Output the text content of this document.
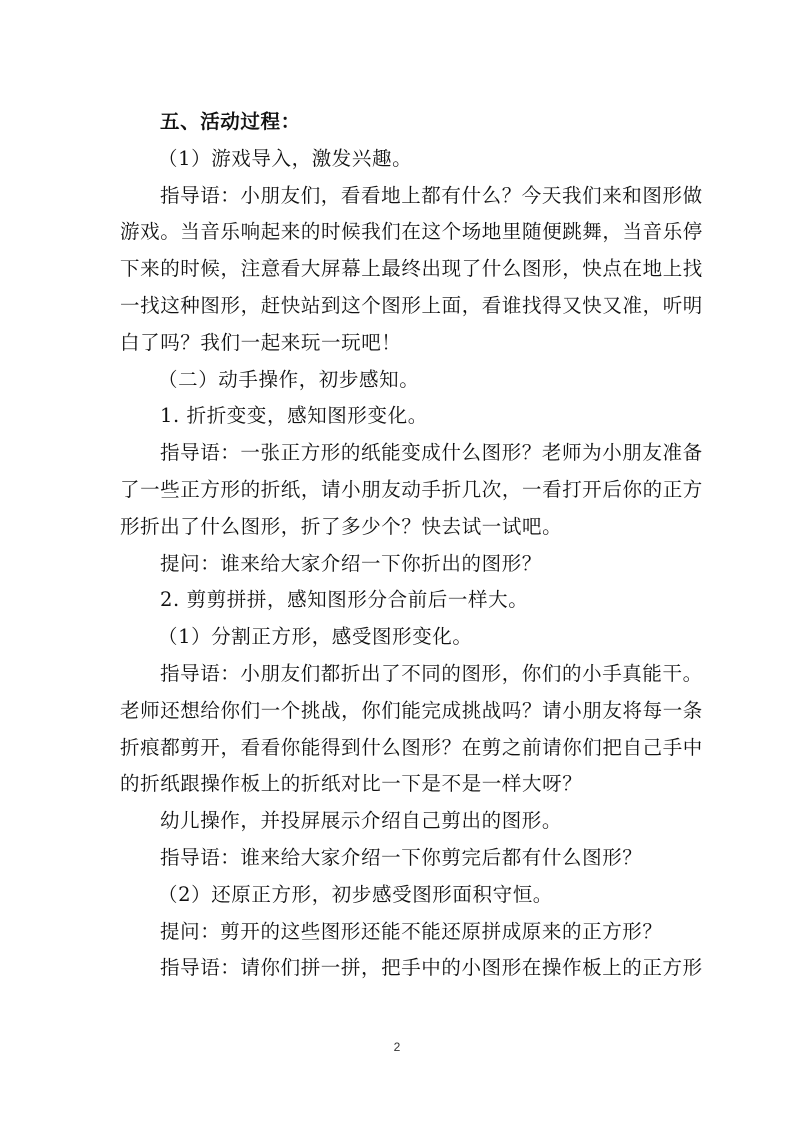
五、活动过程：
（1）游戏导入，激发兴趣。
指导语：小朋友们，看看地上都有什么？今天我们来和图形做
游戏。当音乐响起来的时候我们在这个场地里随便跳舞，当音乐停
下来的时候，注意看大屏幕上最终出现了什么图形，快点在地上找
一找这种图形，赶快站到这个图形上面，看谁找得又快又准，听明
白了吗？我们一起来玩一玩吧！
（二）动手操作，初步感知。
1. 折折变变，感知图形变化。
指导语：一张正方形的纸能变成什么图形？老师为小朋友准备
了一些正方形的折纸，请小朋友动手折几次，一看打开后你的正方
形折出了什么图形，折了多少个？快去试一试吧。
提问：谁来给大家介绍一下你折出的图形？
2. 剪剪拼拼，感知图形分合前后一样大。
（1）分割正方形，感受图形变化。
指导语：小朋友们都折出了不同的图形，你们的小手真能干。
老师还想给你们一个挑战，你们能完成挑战吗？请小朋友将每一条
折痕都剪开，看看你能得到什么图形？在剪之前请你们把自己手中
的折纸跟操作板上的折纸对比一下是不是一样大呀？
幼儿操作，并投屏展示介绍自己剪出的图形。
指导语：谁来给大家介绍一下你剪完后都有什么图形？
（2）还原正方形，初步感受图形面积守恒。
提问：剪开的这些图形还能不能还原拼成原来的正方形？
指导语：请你们拼一拼，把手中的小图形在操作板上的正方形
2
